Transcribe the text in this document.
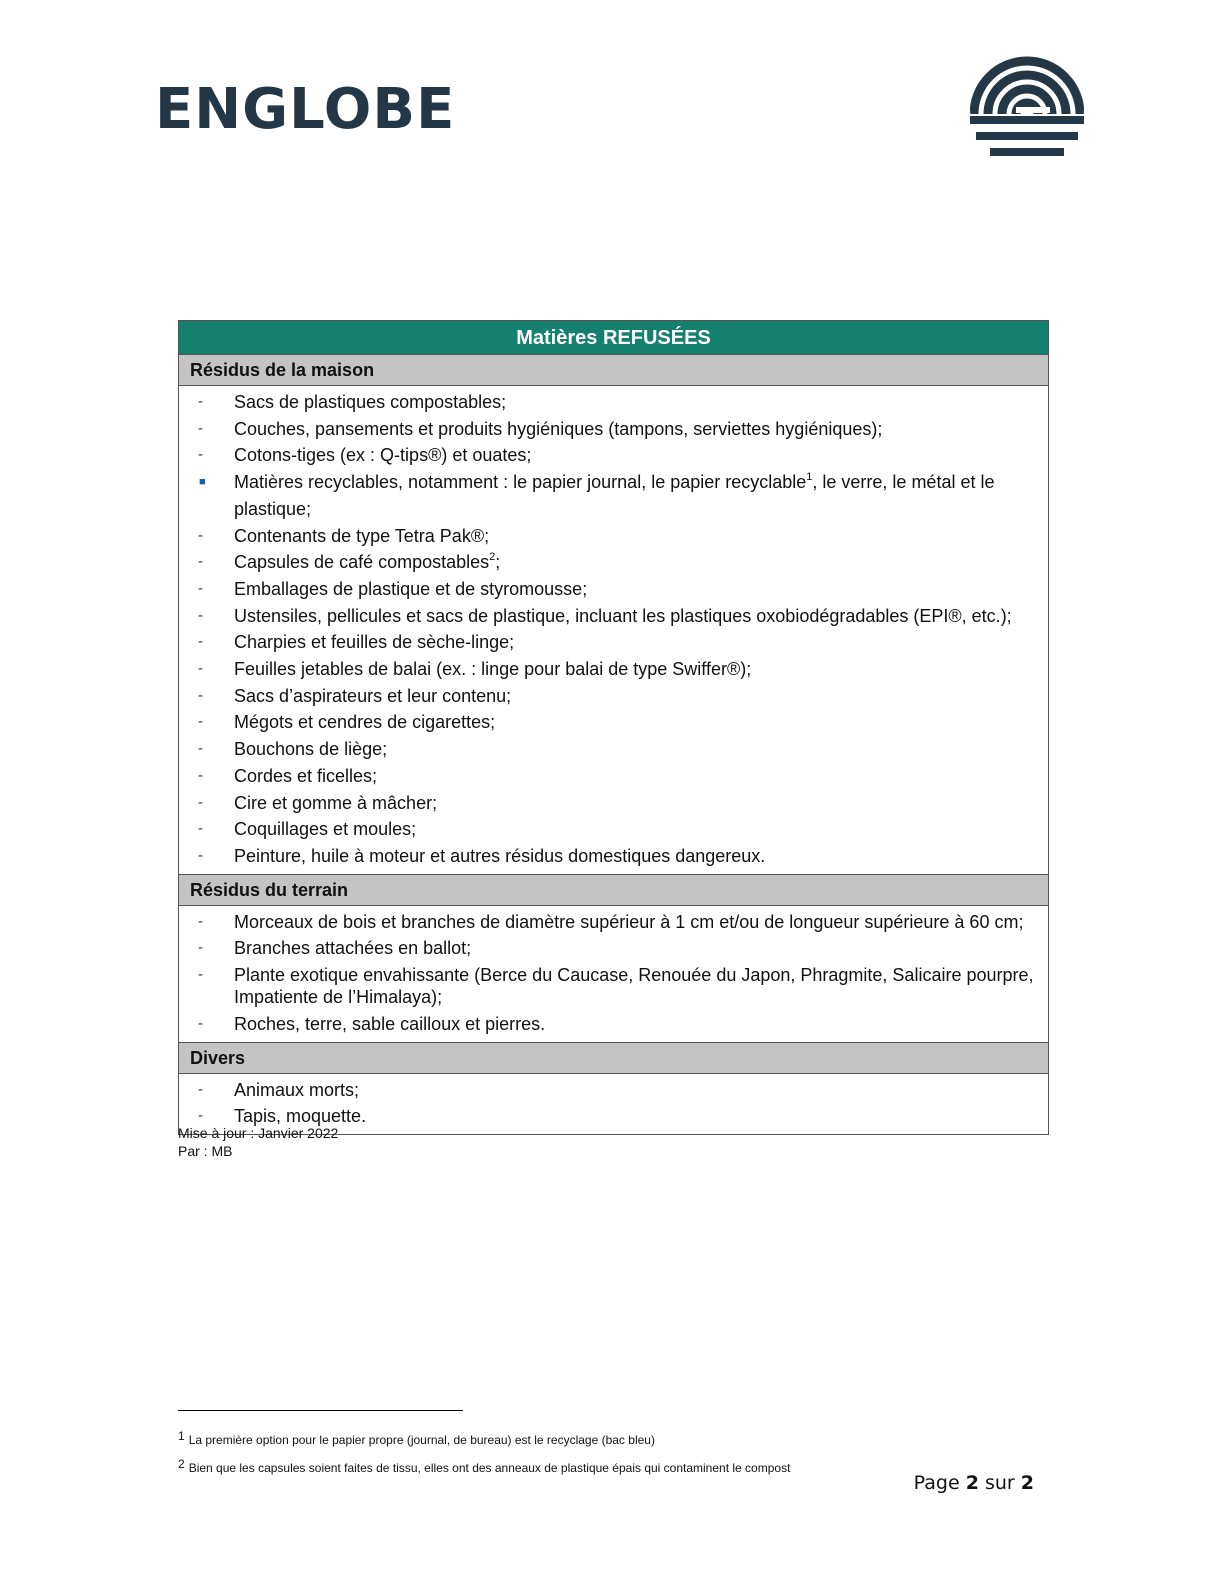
ENGLOBE
Matières REFUSÉES
Résidus de la maison
-	Sacs de plastiques compostables;
-	Couches, pansements et produits hygiéniques (tampons, serviettes hygiéniques);
-	Cotons-tiges (ex : Q-tips®) et ouates;
■	Matières recyclables, notamment : le papier journal, le papier recyclable$^1$, le verre, le métal et le plastique;
-	Contenants de type Tetra Pak®;
-	Capsules de café compostables$^2$;
-	Emballages de plastique et de styromousse;
-	Ustensiles, pellicules et sacs de plastique, incluant les plastiques oxobiodégradables (EPI®, etc.);
-	Charpies et feuilles de sèche-linge;
-	Feuilles jetables de balai (ex. : linge pour balai de type Swiffer®);
-	Sacs d’aspirateurs et leur contenu;
-	Mégots et cendres de cigarettes;
-	Bouchons de liège;
-	Cordes et ficelles;
-	Cire et gomme à mâcher;
-	Coquillages et moules;
-	Peinture, huile à moteur et autres résidus domestiques dangereux.
Résidus du terrain
-	Morceaux de bois et branches de diamètre supérieur à 1 cm et/ou de longueur supérieure à 60 cm;
-	Branches attachées en ballot;
-	Plante exotique envahissante (Berce du Caucase, Renouée du Japon, Phragmite, Salicaire pourpre, Impatiente de l’Himalaya);
-	Roches, terre, sable cailloux et pierres.
Divers
-	Animaux morts;
-	Tapis, moquette.
Mise à jour : Janvier 2022
Par : MB
1 La première option pour le papier propre (journal, de bureau) est le recyclage (bac bleu)
2 Bien que les capsules soient faites de tissu, elles ont des anneaux de plastique épais qui contaminent le compost
Page 2 sur 2
